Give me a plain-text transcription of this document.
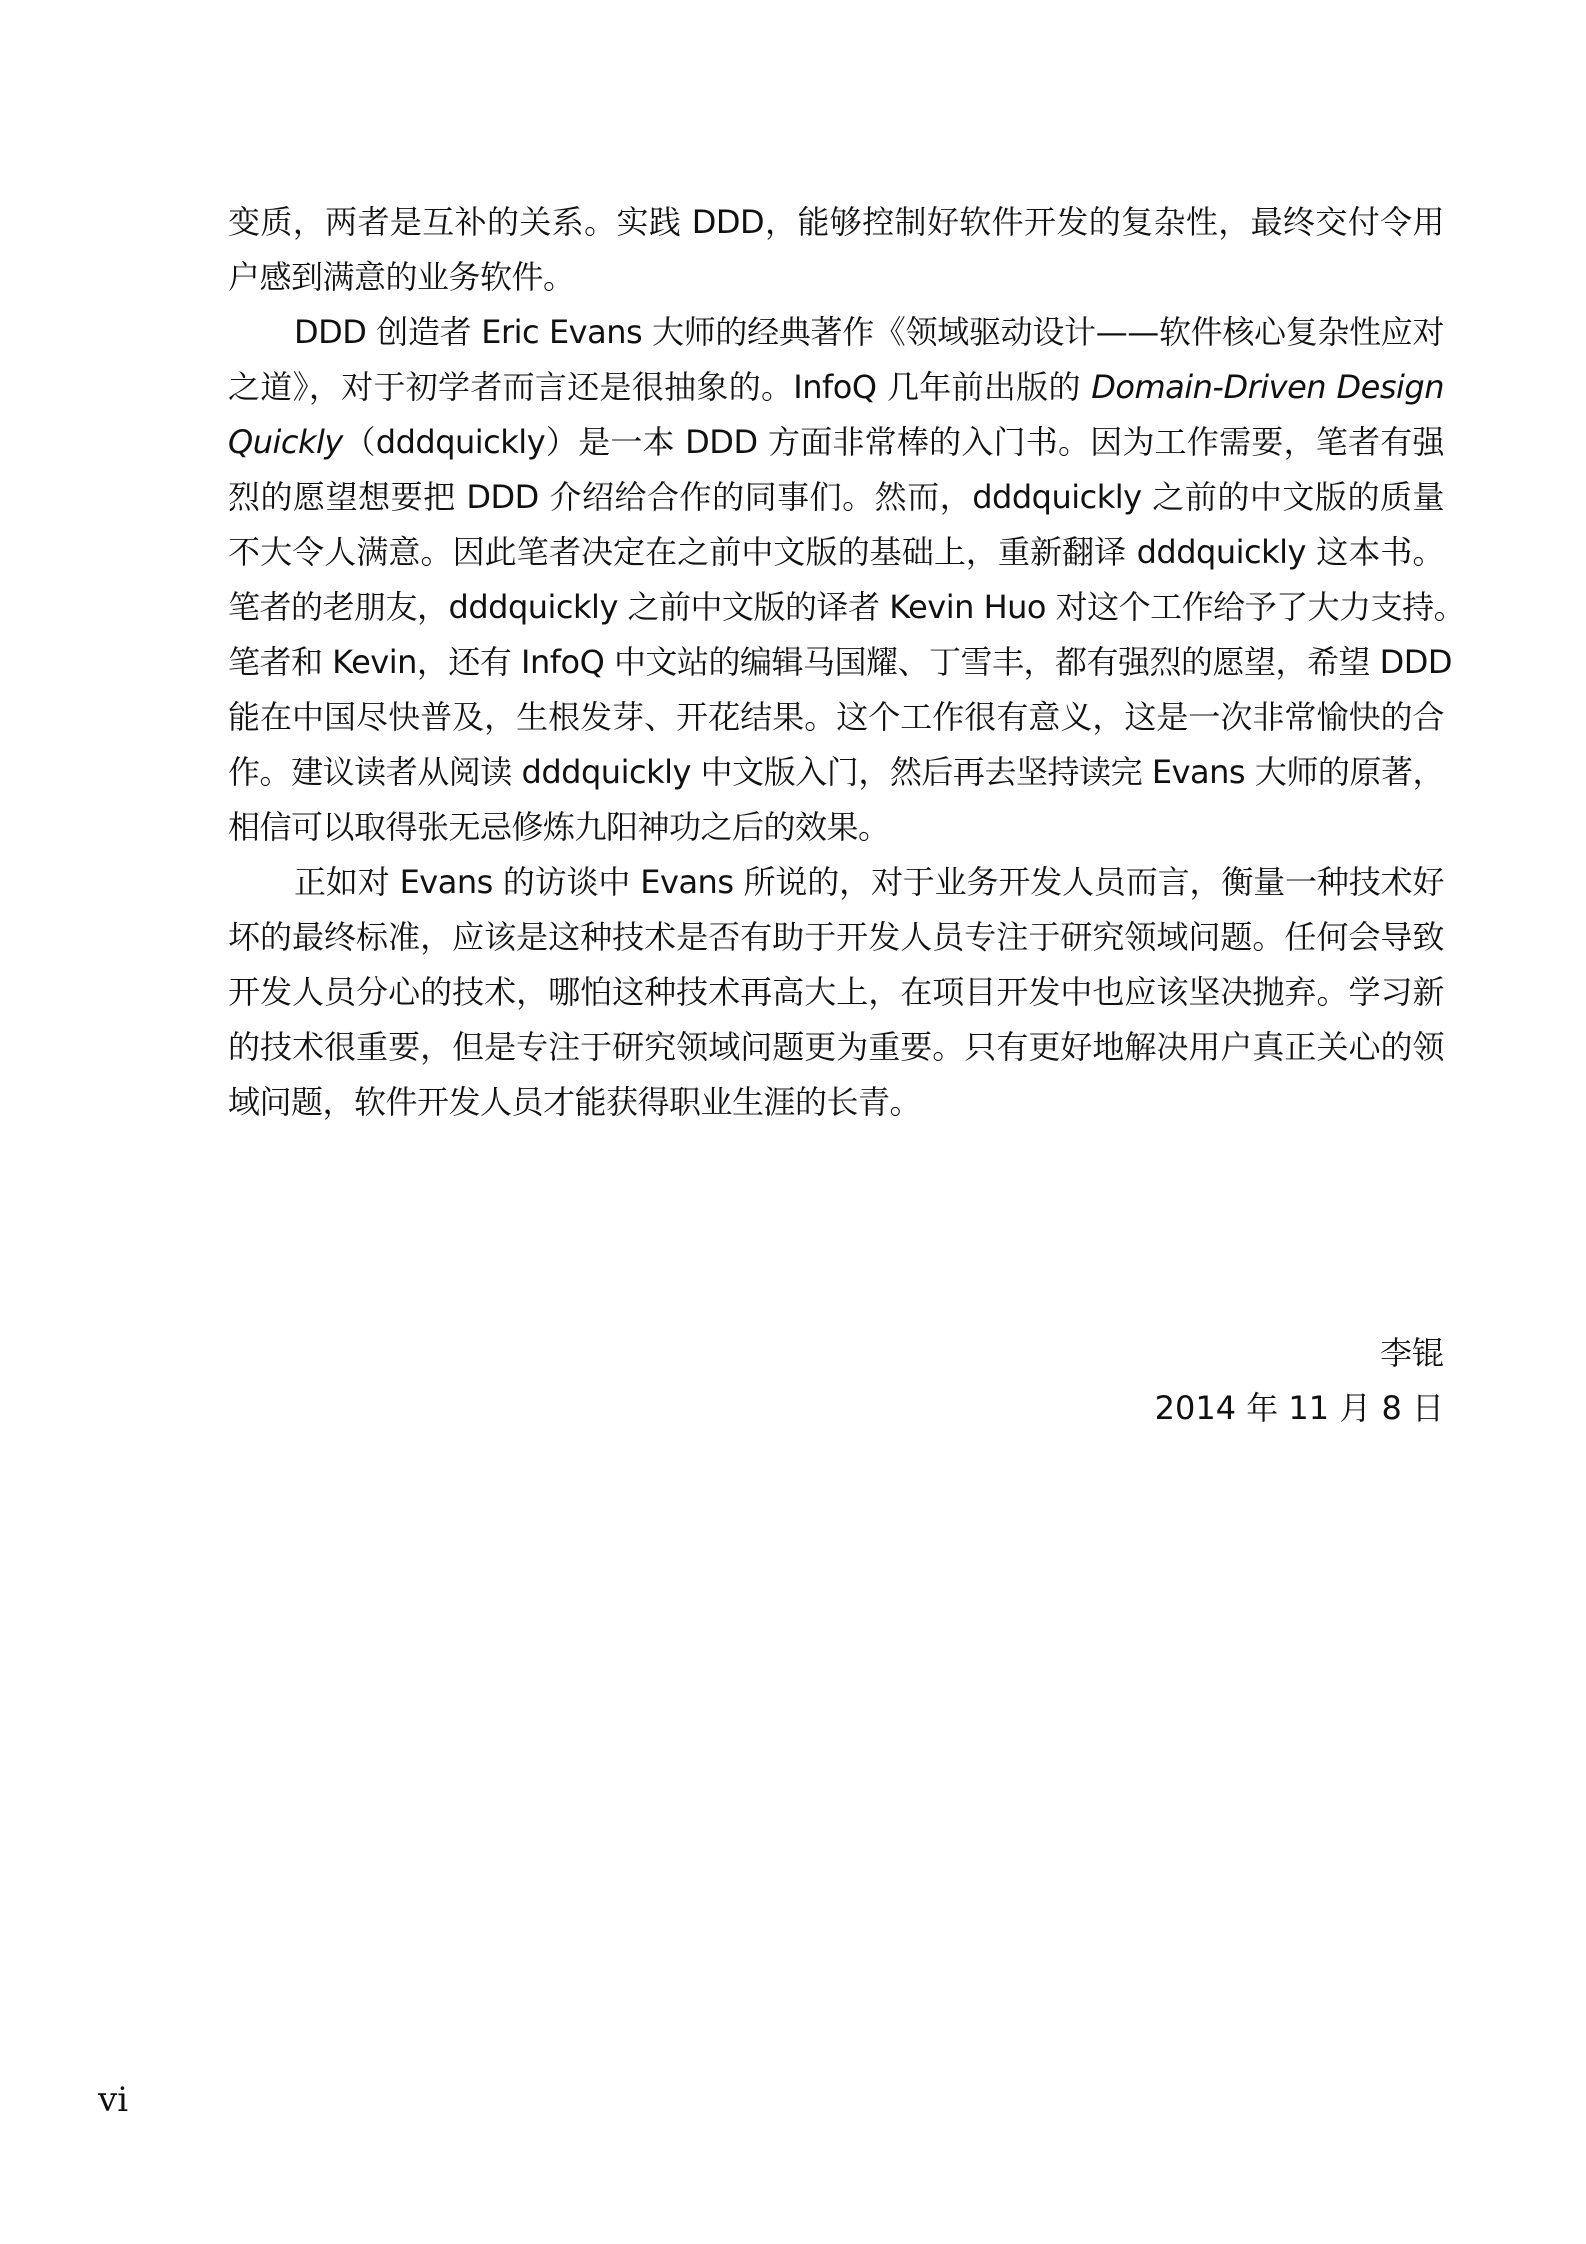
变质，两者是互补的关系。实践 DDD，能够控制好软件开发的复杂性，最终交付令用
户感到满意的业务软件。
DDD 创造者 Eric Evans 大师的经典著作《领域驱动设计——软件核心复杂性应对
之道》，对于初学者而言还是很抽象的。InfoQ 几年前出版的 Domain-Driven Design
Quickly（dddquickly）是一本 DDD 方面非常棒的入门书。因为工作需要，笔者有强
烈的愿望想要把 DDD 介绍给合作的同事们。然而，dddquickly 之前的中文版的质量
不大令人满意。因此笔者决定在之前中文版的基础上，重新翻译 dddquickly 这本书。
笔者的老朋友，dddquickly 之前中文版的译者 Kevin Huo 对这个工作给予了大力支持。
笔者和 Kevin，还有 InfoQ 中文站的编辑马国耀、丁雪丰，都有强烈的愿望，希望 DDD
能在中国尽快普及，生根发芽、开花结果。这个工作很有意义，这是一次非常愉快的合
作。建议读者从阅读 dddquickly 中文版入门，然后再去坚持读完 Evans 大师的原著，
相信可以取得张无忌修炼九阳神功之后的效果。
正如对 Evans 的访谈中 Evans 所说的，对于业务开发人员而言，衡量一种技术好
坏的最终标准，应该是这种技术是否有助于开发人员专注于研究领域问题。任何会导致
开发人员分心的技术，哪怕这种技术再高大上，在项目开发中也应该坚决抛弃。学习新
的技术很重要，但是专注于研究领域问题更为重要。只有更好地解决用户真正关心的领
域问题，软件开发人员才能获得职业生涯的长青。
李锟
2014 年 11 月 8 日
vi
